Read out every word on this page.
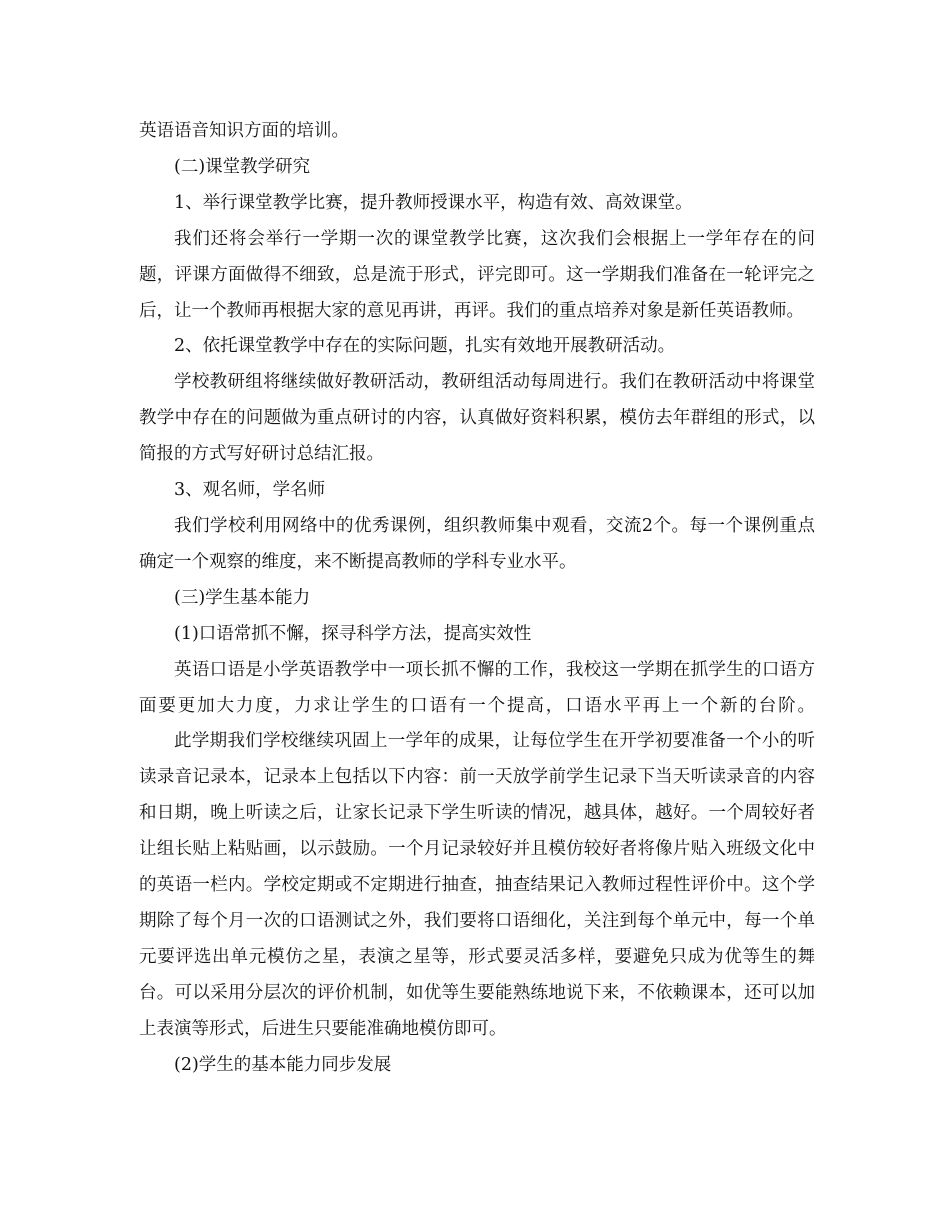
英语语音知识方面的培训。

(二)课堂教学研究

1、举行课堂教学比赛，提升教师授课水平，构造有效、高效课堂。

我们还将会举行一学期一次的课堂教学比赛，这次我们会根据上一学年存在的问题，评课方面做得不细致，总是流于形式，评完即可。这一学期我们准备在一轮评完之后，让一个教师再根据大家的意见再讲，再评。我们的重点培养对象是新任英语教师。

2、依托课堂教学中存在的实际问题，扎实有效地开展教研活动。

学校教研组将继续做好教研活动，教研组活动每周进行。我们在教研活动中将课堂教学中存在的问题做为重点研讨的内容，认真做好资料积累，模仿去年群组的形式，以简报的方式写好研讨总结汇报。

3、观名师，学名师

我们学校利用网络中的优秀课例，组织教师集中观看，交流2个。每一个课例重点确定一个观察的维度，来不断提高教师的学科专业水平。

(三)学生基本能力

(1)口语常抓不懈，探寻科学方法，提高实效性

英语口语是小学英语教学中一项长抓不懈的工作，我校这一学期在抓学生的口语方面要更加大力度，力求让学生的口语有一个提高，口语水平再上一个新的台阶。

此学期我们学校继续巩固上一学年的成果，让每位学生在开学初要准备一个小的听读录音记录本，记录本上包括以下内容：前一天放学前学生记录下当天听读录音的内容和日期，晚上听读之后，让家长记录下学生听读的情况，越具体，越好。一个周较好者让组长贴上粘贴画，以示鼓励。一个月记录较好并且模仿较好者将像片贴入班级文化中的英语一栏内。学校定期或不定期进行抽查，抽查结果记入教师过程性评价中。这个学期除了每个月一次的口语测试之外，我们要将口语细化，关注到每个单元中，每一个单元要评选出单元模仿之星，表演之星等，形式要灵活多样，要避免只成为优等生的舞台。可以采用分层次的评价机制，如优等生要能熟练地说下来，不依赖课本，还可以加上表演等形式，后进生只要能准确地模仿即可。

(2)学生的基本能力同步发展
